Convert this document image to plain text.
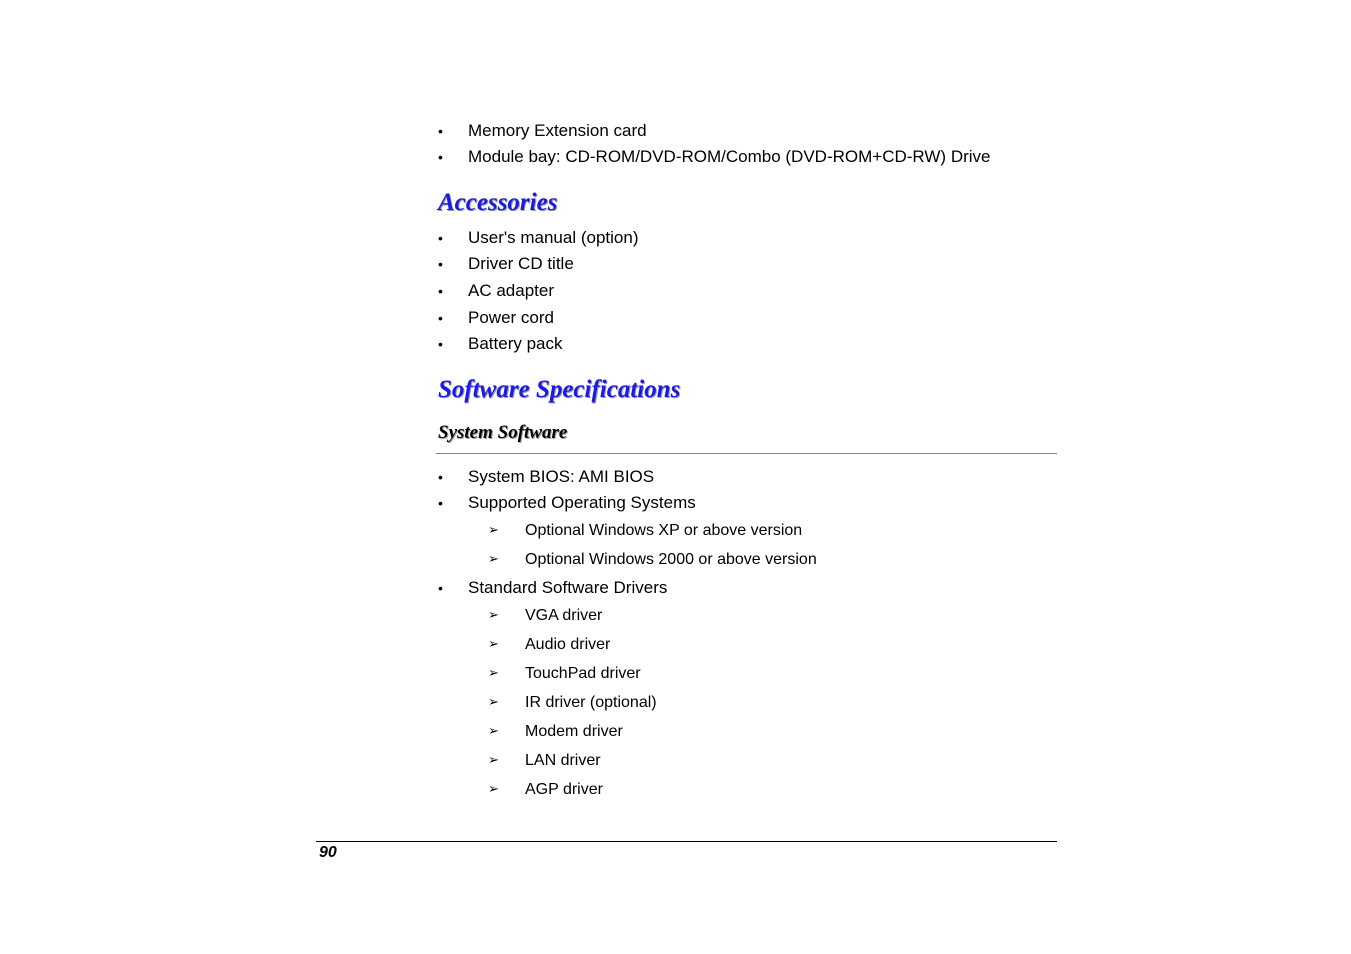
• Memory Extension card
• Module bay: CD-ROM/DVD-ROM/Combo (DVD-ROM+CD-RW) Drive
Accessories
• User's manual (option)
• Driver CD title
• AC adapter
• Power cord
• Battery pack
Software Specifications
System Software
• System BIOS: AMI BIOS
• Supported Operating Systems
➢ Optional Windows XP or above version
➢ Optional Windows 2000 or above version
• Standard Software Drivers
➢ VGA driver
➢ Audio driver
➢ TouchPad driver
➢ IR driver (optional)
➢ Modem driver
➢ LAN driver
➢ AGP driver
90
